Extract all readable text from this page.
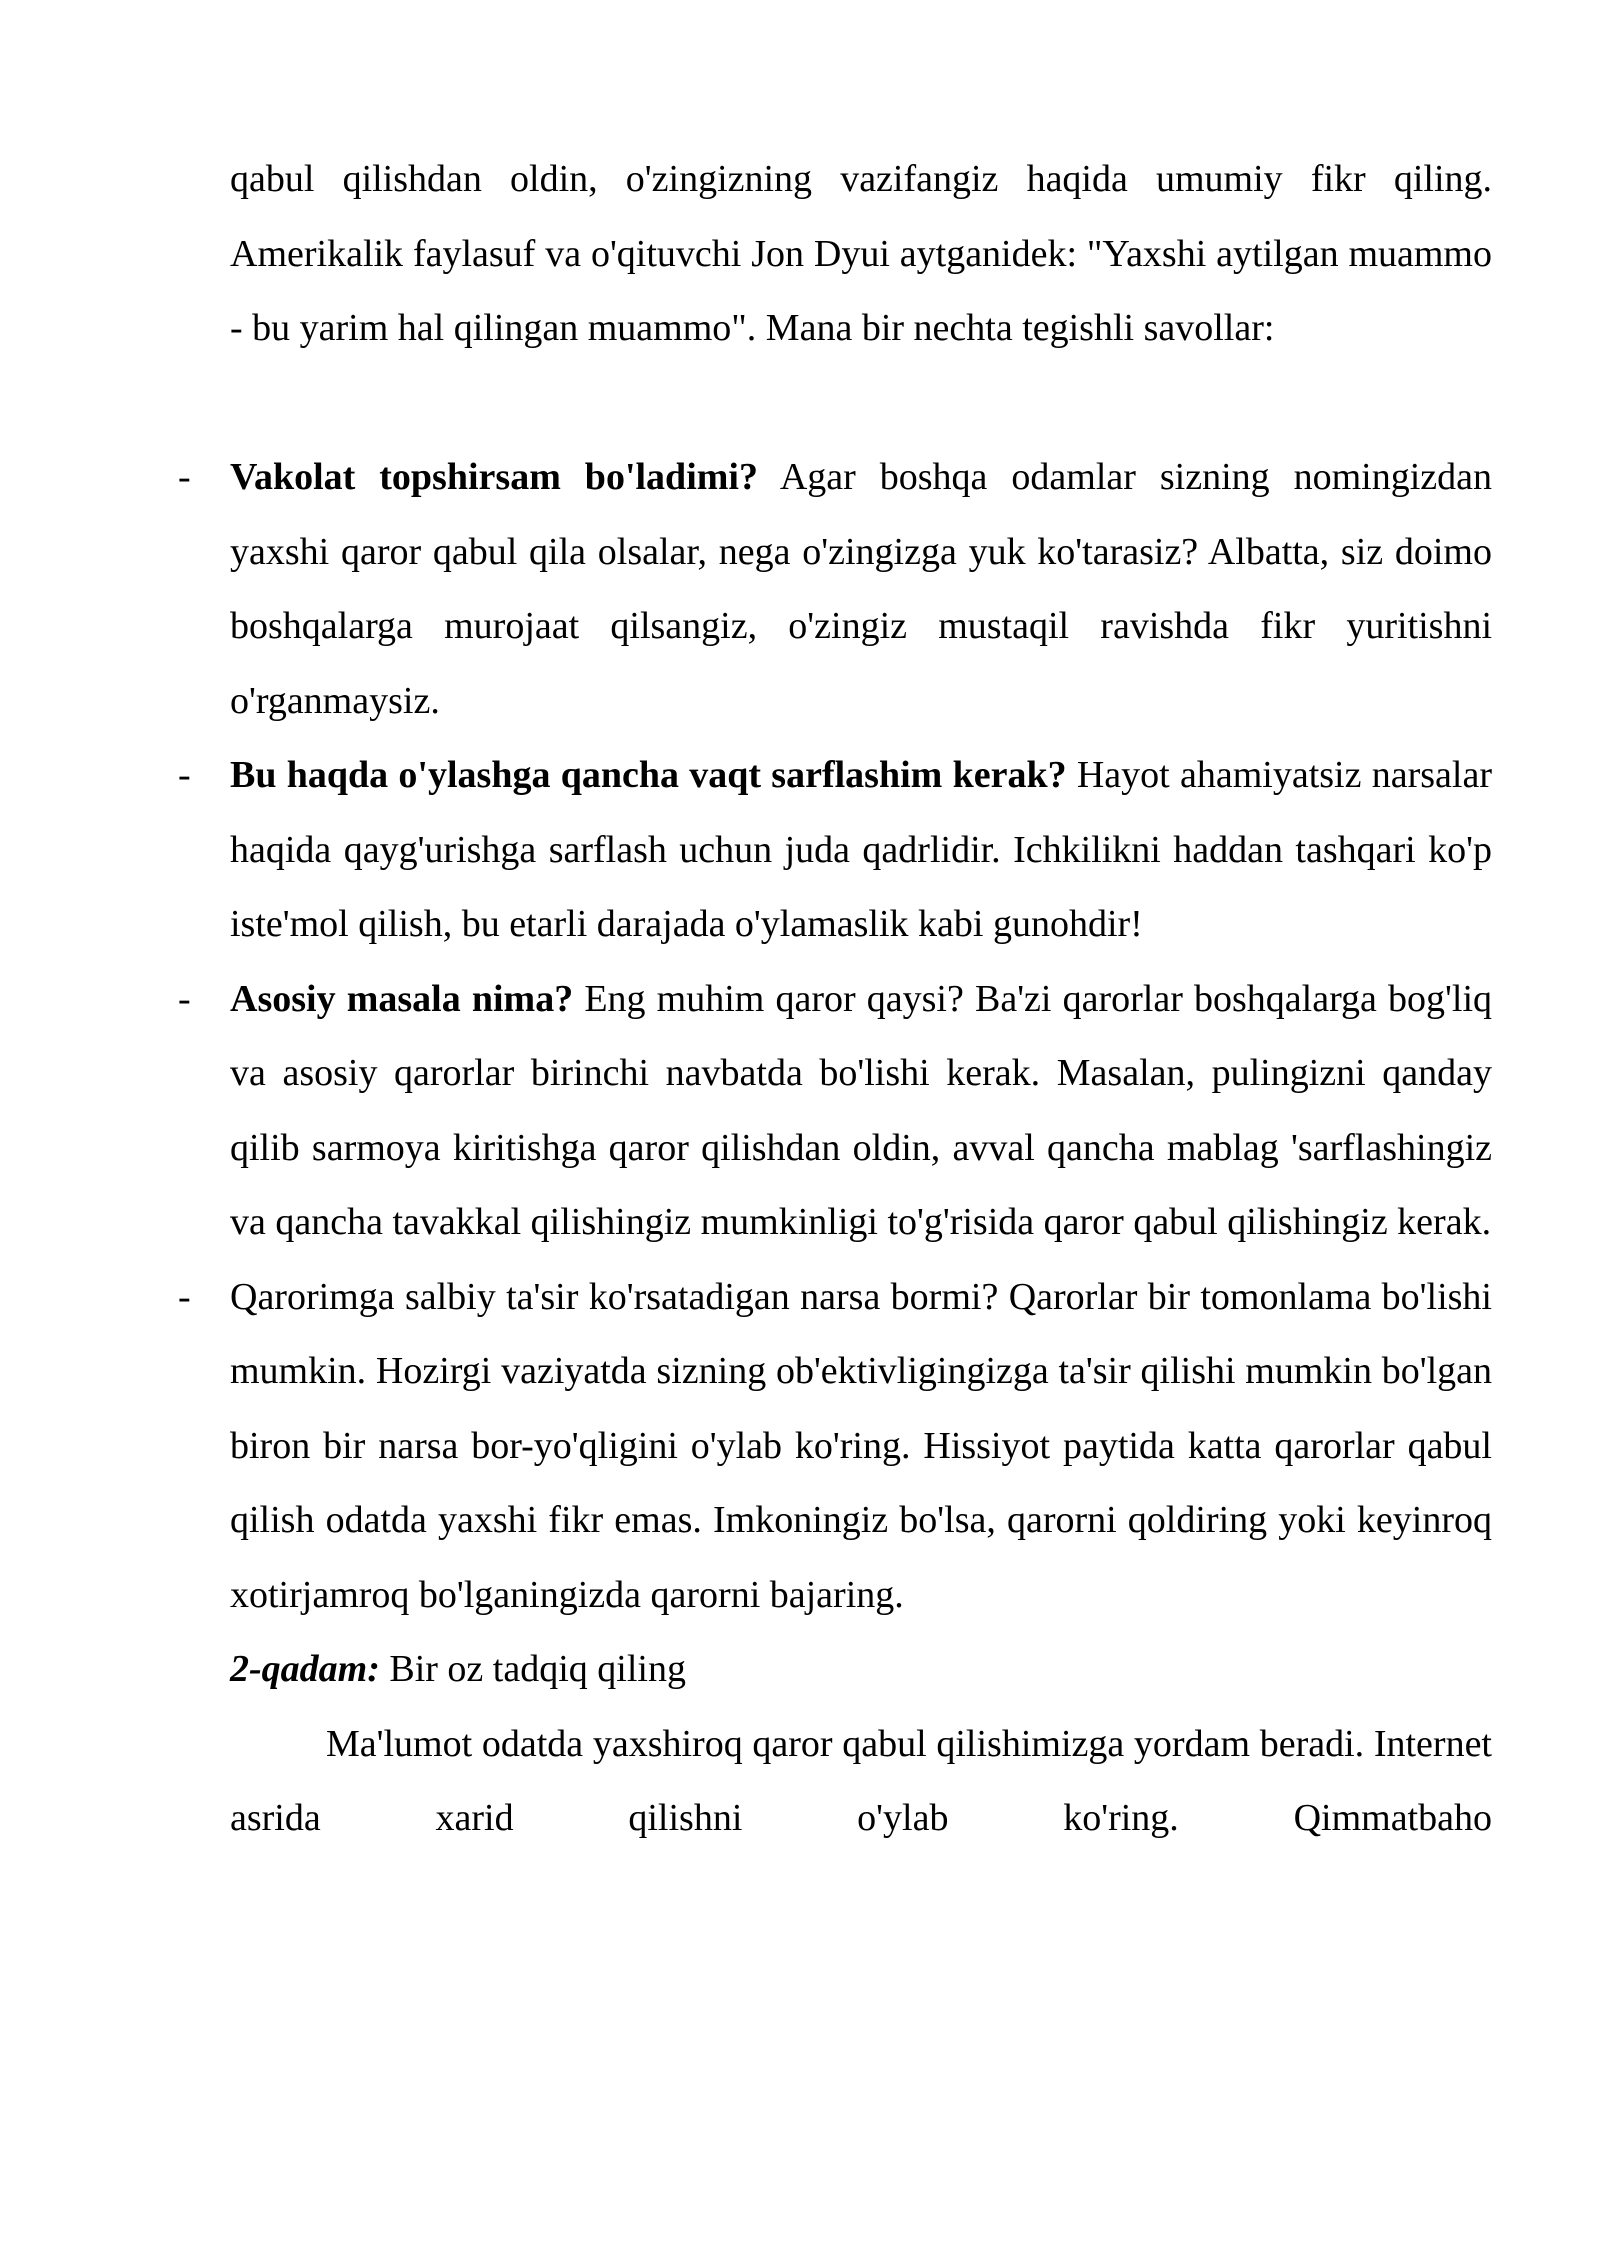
qabul qilishdan oldin, o'zingizning vazifangiz haqida umumiy fikr qiling. Amerikalik faylasuf va o'qituvchi Jon Dyui aytganidek: "Yaxshi aytilgan muammo - bu yarim hal qilingan muammo". Mana bir nechta tegishli savollar:
- Vakolat topshirsam bo'ladimi? Agar boshqa odamlar sizning nomingizdan yaxshi qaror qabul qila olsalar, nega o'zingizga yuk ko'tarasiz? Albatta, siz doimo boshqalarga murojaat qilsangiz, o'zingiz mustaqil ravishda fikr yuritishni o'rganmaysiz.
- Bu haqda o'ylashga qancha vaqt sarflashim kerak? Hayot ahamiyatsiz narsalar haqida qayg'urishga sarflash uchun juda qadrlidir. Ichkilikni haddan tashqari ko'p iste'mol qilish, bu etarli darajada o'ylamaslik kabi gunohdir!
- Asosiy masala nima? Eng muhim qaror qaysi? Ba'zi qarorlar boshqalarga bog'liq va asosiy qarorlar birinchi navbatda bo'lishi kerak. Masalan, pulingizni qanday qilib sarmoya kiritishga qaror qilishdan oldin, avval qancha mablag 'sarflashingiz va qancha tavakkal qilishingiz mumkinligi to'g'risida qaror qabul qilishingiz kerak.
- Qarorimga salbiy ta'sir ko'rsatadigan narsa bormi? Qarorlar bir tomonlama bo'lishi mumkin. Hozirgi vaziyatda sizning ob'ektivligingizga ta'sir qilishi mumkin bo'lgan biron bir narsa bor-yo'qligini o'ylab ko'ring. Hissiyot paytida katta qarorlar qabul qilish odatda yaxshi fikr emas. Imkoningiz bo'lsa, qarorni qoldiring yoki keyinroq xotirjamroq bo'lganingizda qarorni bajaring.
2-qadam: Bir oz tadqiq qiling
Ma'lumot odatda yaxshiroq qaror qabul qilishimizga yordam beradi. Internet asrida xarid qilishni o'ylab ko'ring. Qimmatbaho
